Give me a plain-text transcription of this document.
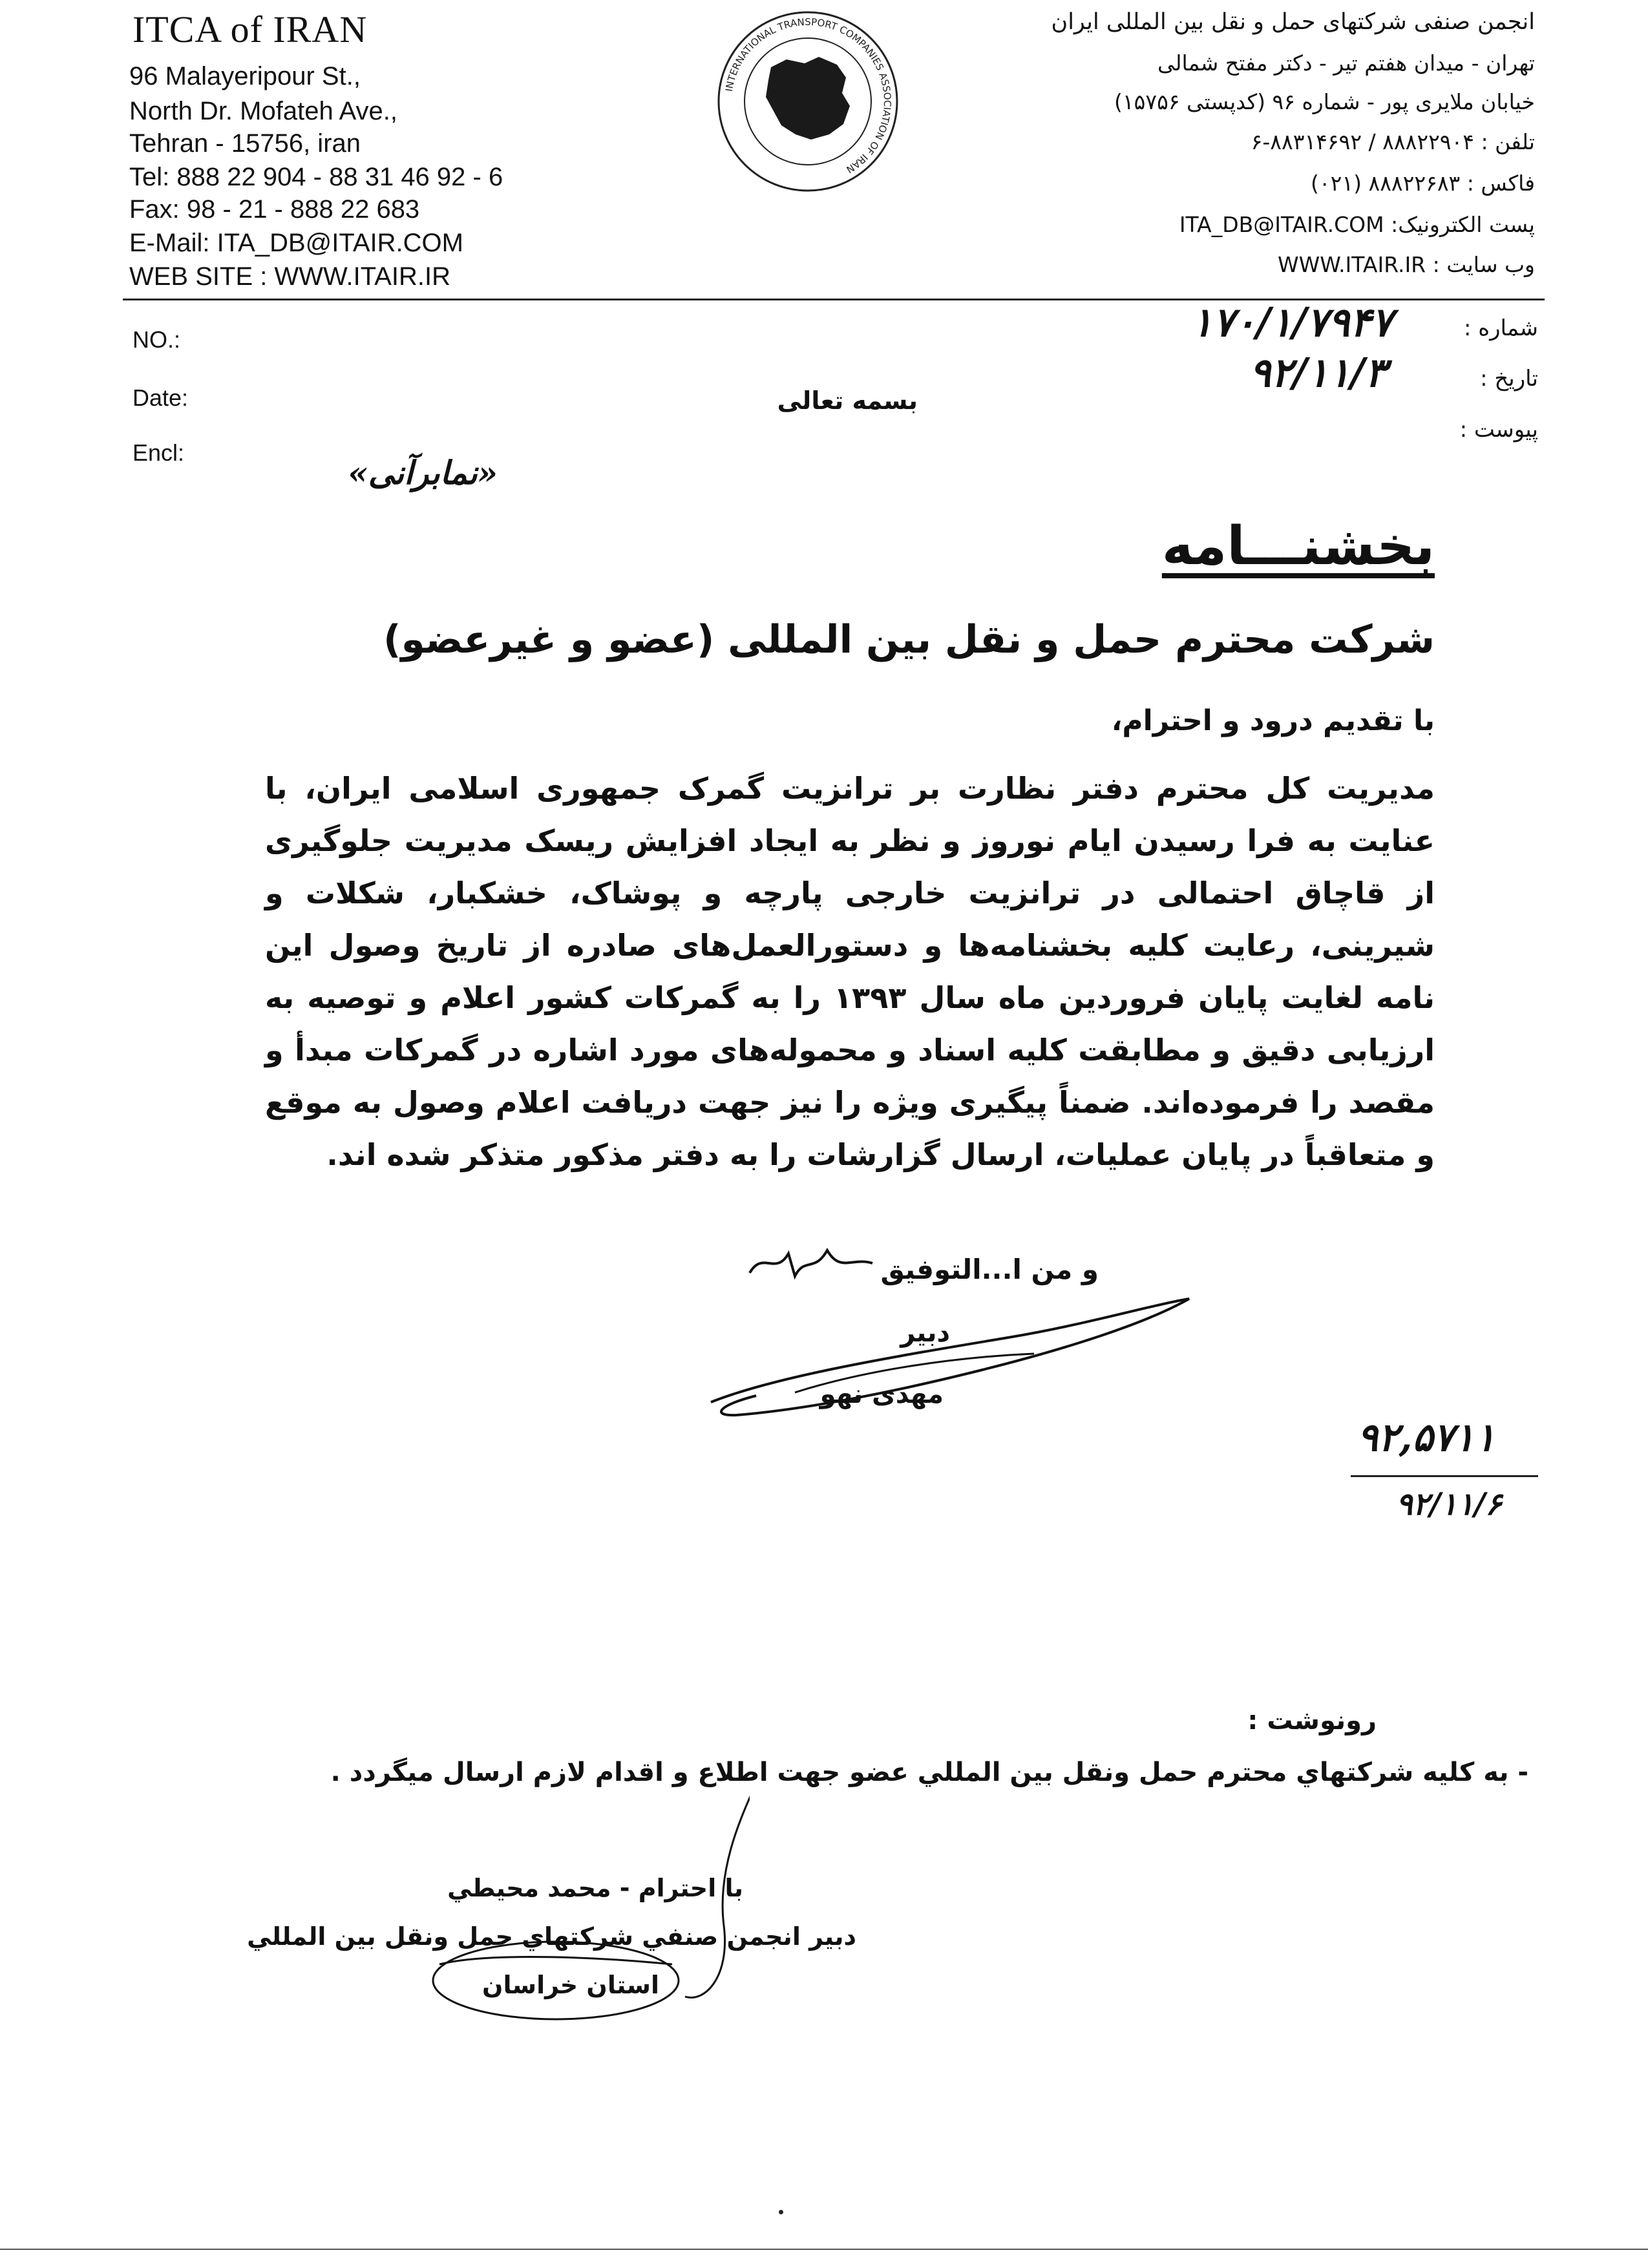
ITCA of IRAN
96 Malayeripour St.,
North Dr. Mofateh Ave.,
Tehran - 15756, iran
Tel: 888 22 904 - 88 31 46 92 - 6
Fax: 98 - 21 - 888 22 683
E-Mail: ITA_DB@ITAIR.COM
WEB SITE : WWW.ITAIR.IR
INTERNATIONAL TRANSPORT COMPANIES ASSOCIATION OF IRAN
انجمن صنفی شرکتهای حمل و نقل بین المللی ایران
تهران - میدان هفتم تیر - دکتر مفتح شمالی
خیابان ملایری پور - شماره ۹۶ (کدپستی ۱۵۷۵۶)
تلفن : ۸۸۸۲۲۹۰۴ / ۸۸۳۱۴۶۹۲-۶
فاکس : ۸۸۸۲۲۶۸۳ (۰۲۱)
پست الکترونیک: ITA_DB@ITAIR.COM
وب سایت : WWW.ITAIR.IR
NO.:
Date:
Encl:
شماره :
تاریخ :
پیوست :
۱۷۰/۱/۷۹۴۷
۹۲/۱۱/۳
بسمه تعالی
«نمابرآنی»
بخشنـــامه
شرکت محترم حمل و نقل بین المللی (عضو و غیرعضو)
با تقدیم درود و احترام،
مدیریت کل محترم دفتر نظارت بر ترانزیت گمرک جمهوری اسلامی ایران، با عنایت به فرا رسیدن ایام نوروز و نظر به ایجاد افزایش ریسک مدیریت جلوگیری از قاچاق احتمالی در ترانزیت خارجی پارچه و پوشاک، خشکبار، شکلات و شیرینی، رعایت کلیه بخشنامه‌ها و دستورالعمل‌های صادره از تاریخ وصول این نامه لغایت پایان فروردین ماه سال ۱۳۹۳ را به گمرکات کشور اعلام و توصیه به ارزیابی دقیق و مطابقت کلیه اسناد و محموله‌های مورد اشاره در گمرکات مبدأ و مقصد را فرموده‌اند. ضمناً پیگیری ویژه را نیز جهت دریافت اعلام وصول به موقع و متعاقباً در پایان عملیات، ارسال گزارشات را به دفتر مذکور متذکر شده اند.
و من ا...التوفیق
دبیر
مهدی نهو
۹۲,۵۷۱۱
۹۲/۱۱/۶
رونوشت :
- به کلیه شرکتهاي محترم حمل ونقل بین المللي عضو جهت اطلاع و اقدام لازم ارسال میگردد .
با احترام - محمد محیطي
دبیر انجمن صنفي شرکتهاي حمل ونقل بین المللي
استان خراسان
